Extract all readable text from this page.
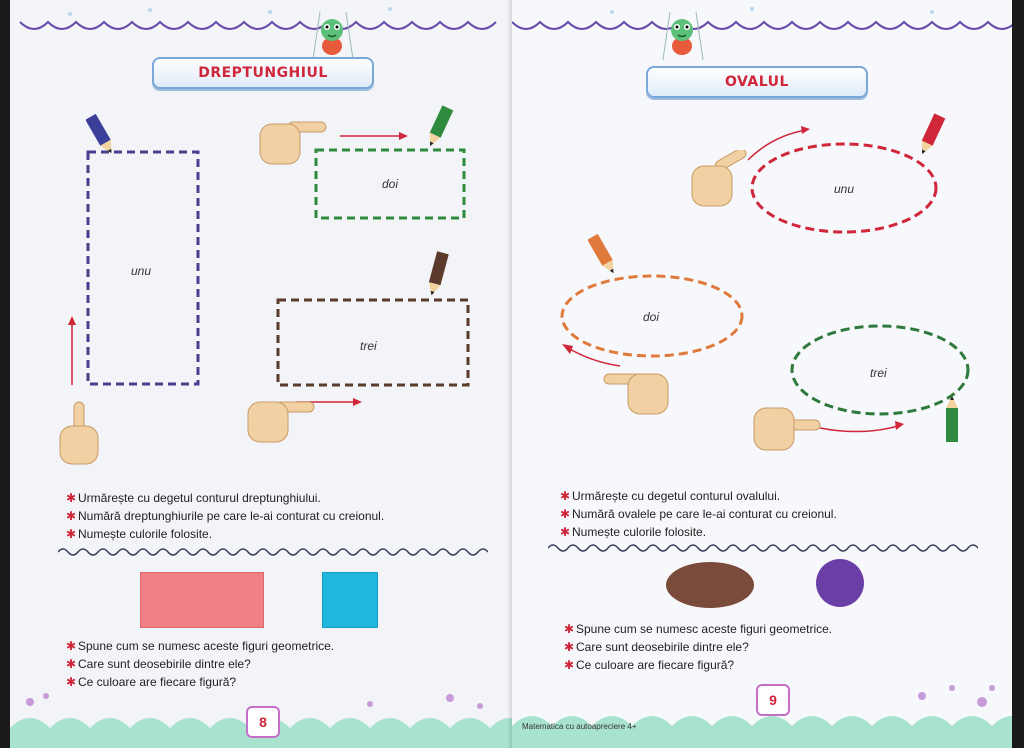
DREPTUNGHIUL
unu
doi
trei
✱ Urmărește cu degetul conturul dreptunghiului.
✱ Numără dreptunghiurile pe care le-ai conturat cu creionul.
✱ Numește culorile folosite.
✱ Spune cum se numesc aceste figuri geometrice.
✱ Care sunt deosebirile dintre ele?
✱ Ce culoare are fiecare figură?
8
OVALUL
unu
doi
trei
✱ Urmărește cu degetul conturul ovalului.
✱ Numără ovalele pe care le-ai conturat cu creionul.
✱ Numește culorile folosite.
✱ Spune cum se numesc aceste figuri geometrice.
✱ Care sunt deosebirile dintre ele?
✱ Ce culoare are fiecare figură?
9
Matematica cu autoapreciere 4+
